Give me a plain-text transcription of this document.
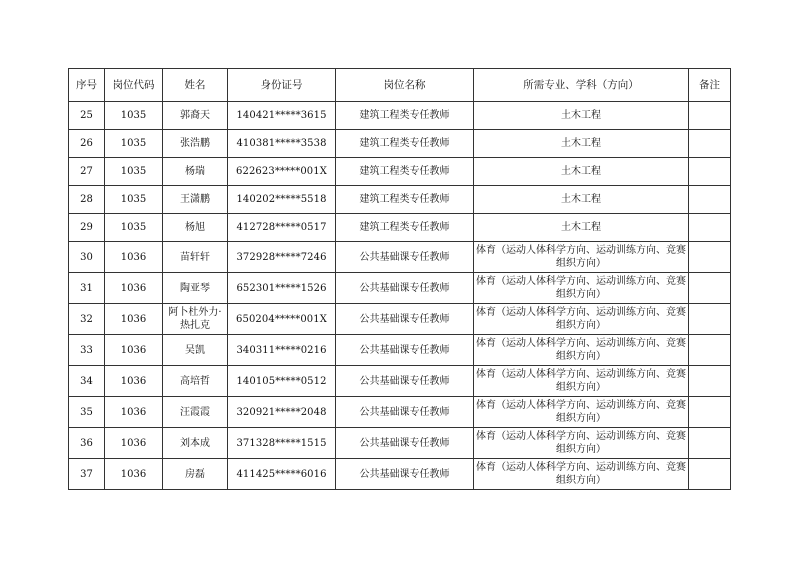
序号	岗位代码	姓名	身份证号	岗位名称	所需专业、学科（方向）	备注
25	1035	郭裔天	140421*****3615	建筑工程类专任教师	土木工程	
26	1035	张浩鹏	410381*****3538	建筑工程类专任教师	土木工程	
27	1035	杨瑞	622623*****001X	建筑工程类专任教师	土木工程	
28	1035	王潇鹏	140202*****5518	建筑工程类专任教师	土木工程	
29	1035	杨旭	412728*****0517	建筑工程类专任教师	土木工程	
30	1036	苗轩轩	372928*****7246	公共基础课专任教师	体育（运动人体科学方向、运动训练方向、竞赛组织方向）	
31	1036	陶亚琴	652301*****1526	公共基础课专任教师	体育（运动人体科学方向、运动训练方向、竞赛组织方向）	
32	1036	阿卜杜外力·热扎克	650204*****001X	公共基础课专任教师	体育（运动人体科学方向、运动训练方向、竞赛组织方向）	
33	1036	吴凯	340311*****0216	公共基础课专任教师	体育（运动人体科学方向、运动训练方向、竞赛组织方向）	
34	1036	高培哲	140105*****0512	公共基础课专任教师	体育（运动人体科学方向、运动训练方向、竞赛组织方向）	
35	1036	汪霞霞	320921*****2048	公共基础课专任教师	体育（运动人体科学方向、运动训练方向、竞赛组织方向）	
36	1036	刘本成	371328*****1515	公共基础课专任教师	体育（运动人体科学方向、运动训练方向、竞赛组织方向）	
37	1036	房磊	411425*****6016	公共基础课专任教师	体育（运动人体科学方向、运动训练方向、竞赛组织方向）	
